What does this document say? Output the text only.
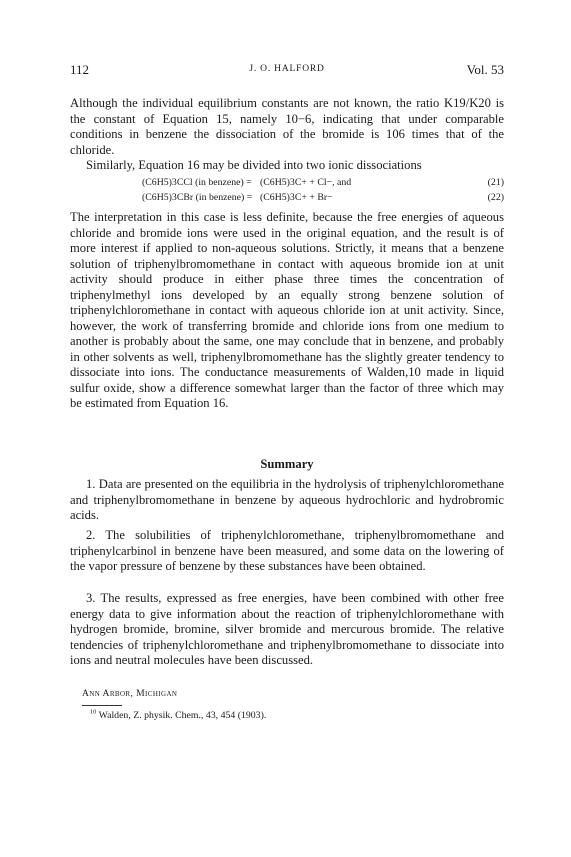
112	J. O. HALFORD	Vol. 53

Although the individual equilibrium constants are not known, the ratio K19/K20 is the constant of Equation 15, namely 10−6, indicating that under comparable conditions in benzene the dissociation of the bromide is 106 times that of the chloride.

Similarly, Equation 16 may be divided into two ionic dissociations

(C6H5)3CCl (in benzene) = (C6H5)3C+ + Cl−, and	(21)
(C6H5)3CBr (in benzene) = (C6H5)3C+ + Br−	(22)

The interpretation in this case is less definite, because the free energies of aqueous chloride and bromide ions were used in the original equation, and the result is of more interest if applied to non-aqueous solutions. Strictly, it means that a benzene solution of triphenylbromomethane in contact with aqueous bromide ion at unit activity should produce in either phase three times the concentration of triphenylmethyl ions developed by an equally strong benzene solution of triphenylchloromethane in contact with aqueous chloride ion at unit activity. Since, however, the work of transferring bromide and chloride ions from one medium to another is probably about the same, one may conclude that in benzene, and probably in other solvents as well, triphenylbromomethane has the slightly greater tendency to dissociate into ions. The conductance measurements of Walden,10 made in liquid sulfur oxide, show a difference somewhat larger than the factor of three which may be estimated from Equation 16.

Summary

1. Data are presented on the equilibria in the hydrolysis of triphenylchloromethane and triphenylbromomethane in benzene by aqueous hydrochloric and hydrobromic acids.

2. The solubilities of triphenylchloromethane, triphenylbromomethane and triphenylcarbinol in benzene have been measured, and some data on the lowering of the vapor pressure of benzene by these substances have been obtained.

3. The results, expressed as free energies, have been combined with other free energy data to give information about the reaction of triphenylchloromethane with hydrogen bromide, bromine, silver bromide and mercurous bromide. The relative tendencies of triphenylchloromethane and triphenylbromomethane to dissociate into ions and neutral molecules have been discussed.

Ann Arbor, Michigan
$^{10}$ Walden, Z. physik. Chem., 43, 454 (1903).
